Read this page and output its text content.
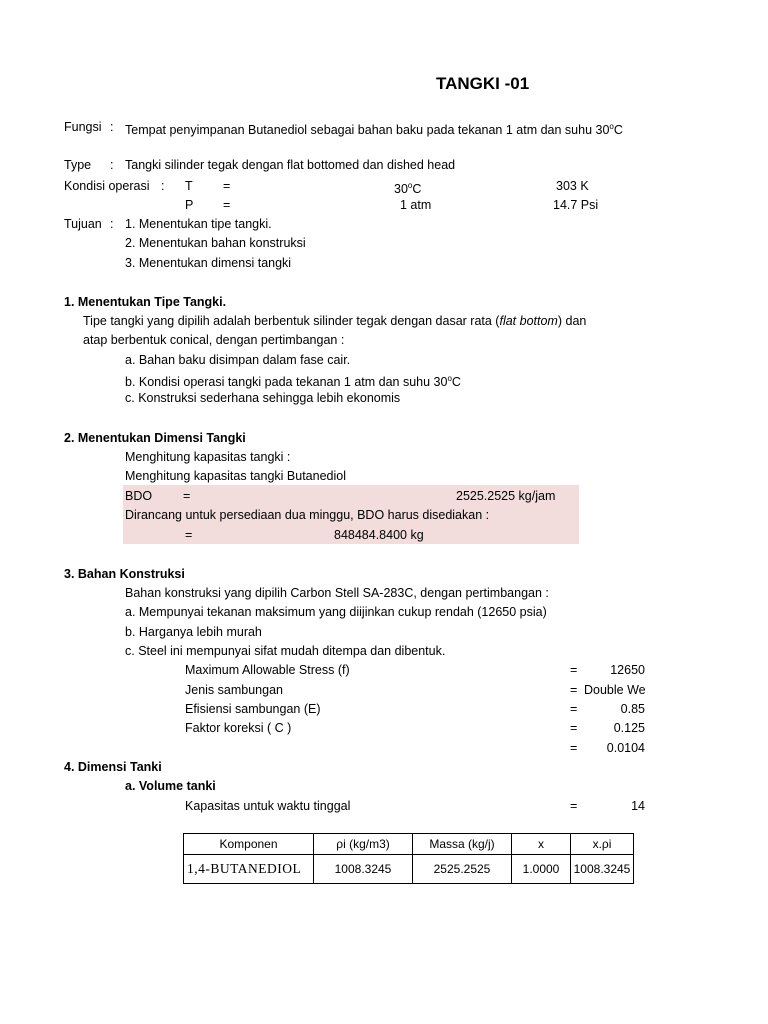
TANGKI -01
Fungsi : Tempat penyimpanan Butanediol sebagai bahan baku pada tekanan 1 atm dan suhu 30$^o$C
Type : Tangki silinder tegak dengan flat bottomed dan dished head
Kondisi operasi : T =	$30^oC$	303 K
P =	1 atm	14.7 Psi
Tujuan : 1. Menentukan tipe tangki.
2. Menentukan bahan konstruksi
3. Menentukan dimensi tangki
1. Menentukan Tipe Tangki.
Tipe tangki yang dipilih adalah berbentuk silinder tegak dengan dasar rata (flat bottom) dan
atap berbentuk conical, dengan pertimbangan :
a. Bahan baku disimpan dalam fase cair.
b. Kondisi operasi tangki pada tekanan 1 atm dan suhu 30$^o$C
c. Konstruksi sederhana sehingga lebih ekonomis
2. Menentukan Dimensi Tangki
Menghitung kapasitas tangki :
Menghitung kapasitas tangki Butanediol
BDO =	2525.2525 kg/jam
Dirancang untuk persediaan dua minggu, BDO harus disediakan :
=	848484.8400 kg
3. Bahan Konstruksi
Bahan konstruksi yang dipilih Carbon Stell SA-283C, dengan pertimbangan :
a. Mempunyai tekanan maksimum yang diijinkan cukup rendah (12650 psia)
b. Harganya lebih murah
c. Steel ini mempunyai sifat mudah ditempa dan dibentuk.
Maximum Allowable Stress (f)	=	12650
Jenis sambungan	= Double We
Efisiensi sambungan (E)	=	0.85
Faktor koreksi ( C )	=	0.125
=	0.0104
4. Dimensi Tanki
a. Volume tanki
Kapasitas untuk waktu tinggal	=	14
Komponen	ρi (kg/m3)	Massa (kg/j)	x	x.ρi
1,4-BUTANEDIOL	1008.3245	2525.2525	1.0000	1008.3245
